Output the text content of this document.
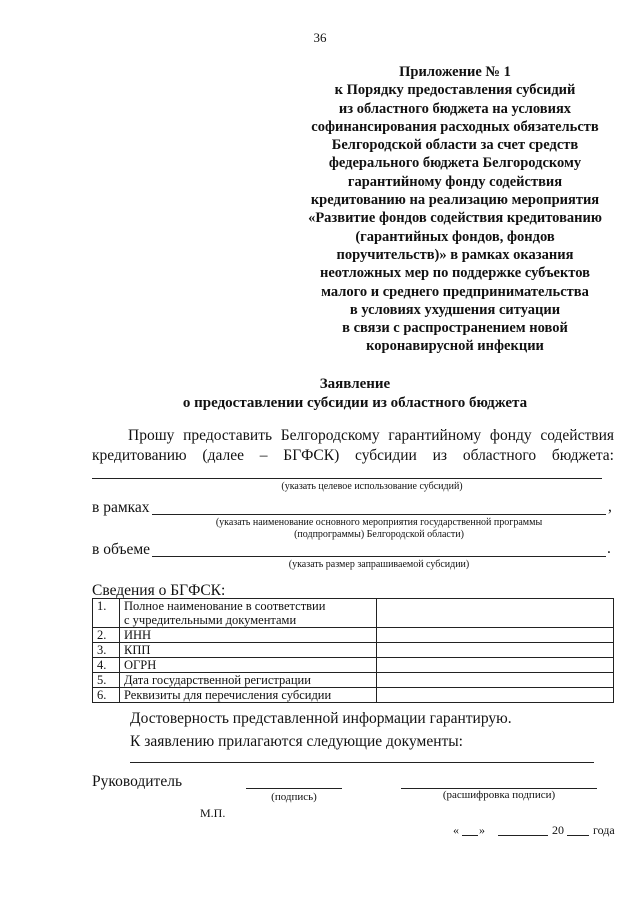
36
Приложение № 1
к Порядку предоставления субсидий
из областного бюджета на условиях
софинансирования расходных обязательств
Белгородской области за счет средств
федерального бюджета Белгородскому
гарантийному фонду содействия
кредитованию на реализацию мероприятия
«Развитие фондов содействия кредитованию
(гарантийных фондов, фондов
поручительств)» в рамках оказания
неотложных мер по поддержке субъектов
малого и среднего предпринимательства
в условиях ухудшения ситуации
в связи с распространением новой
коронавирусной инфекции
Заявление
о предоставлении субсидии из областного бюджета
Прошу предоставить Белгородскому гарантийному фонду содействия
кредитованию (далее – БГФСК) субсидии из областного бюджета:
(указать целевое использование субсидий)
в рамках	,
(указать наименование основного мероприятия государственной программы
(подпрограммы) Белгородской области)
в объеме	.
(указать размер запрашиваемой субсидии)
Сведения о БГФСК:
1.	Полное наименование в соответствии
с учредительными документами	

2.	ИНН	

3.	КПП	

4.	ОГРН	

5.	Дата государственной регистрации	

6.	Реквизиты для перечисления субсидии	

Достоверность представленной информации гарантирую.
К заявлению прилагаются следующие документы:
Руководитель
(подпись)	(расшифровка подписи)
М.П.
« »	20 года
